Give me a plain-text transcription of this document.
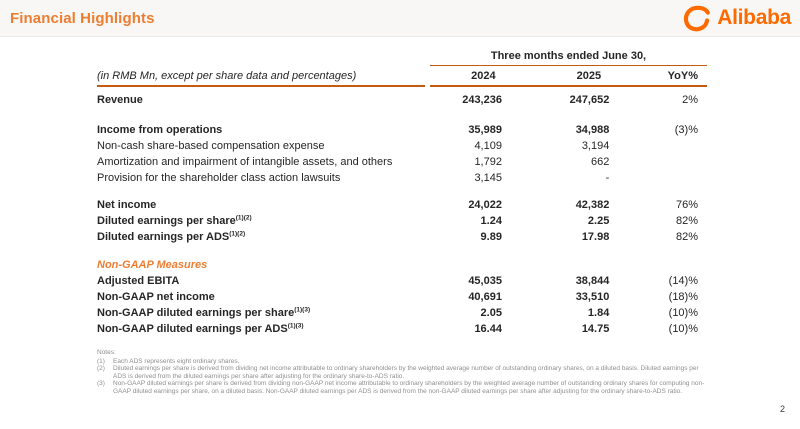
Financial Highlights	Alibaba
Three months ended June 30,
(in RMB Mn, except per share data and percentages)	2024	2025	YoY%
Revenue	243,236	247,652	2%
Income from operations	35,989	34,988	(3)%
Non-cash share-based compensation expense	4,109	3,194
Amortization and impairment of intangible assets, and others	1,792	662
Provision for the shareholder class action lawsuits	3,145	-
Net income	24,022	42,382	76%
Diluted earnings per share$^{(1)(2)}$	1.24	2.25	82%
Diluted earnings per $ADS^{(1)(2)}$	9.89	17.98	82%
Non-GAAP Measures
Adjusted EBITA	45,035	38,844	(14)%
Non-GAAP net income	40,691	33,510	(18)%
Non-GAAP diluted earnings per share$^{(1)(3)}$	2.05	1.84	(10)%
Non-GAAP diluted earnings per $ADS^{(1)(3)}$	16.44	14.75	(10)%
Notes:
(1)	Each ADS represents eight ordinary shares.
(2)	Diluted earnings per share is derived from dividing net income attributable to ordinary shareholders by the weighted average number of outstanding ordinary shares, on a diluted basis. Diluted earnings per ADS is derived from the diluted earnings per share after adjusting for the ordinary share-to-ADS ratio.
(3)	Non-GAAP diluted earnings per share is derived from dividing non-GAAP net income attributable to ordinary shareholders by the weighted average number of outstanding ordinary shares for computing non-GAAP diluted earnings per share, on a diluted basis. Non-GAAP diluted earnings per ADS is derived from the non-GAAP diluted earnings per share after adjusting for the ordinary share-to-ADS ratio.
2
